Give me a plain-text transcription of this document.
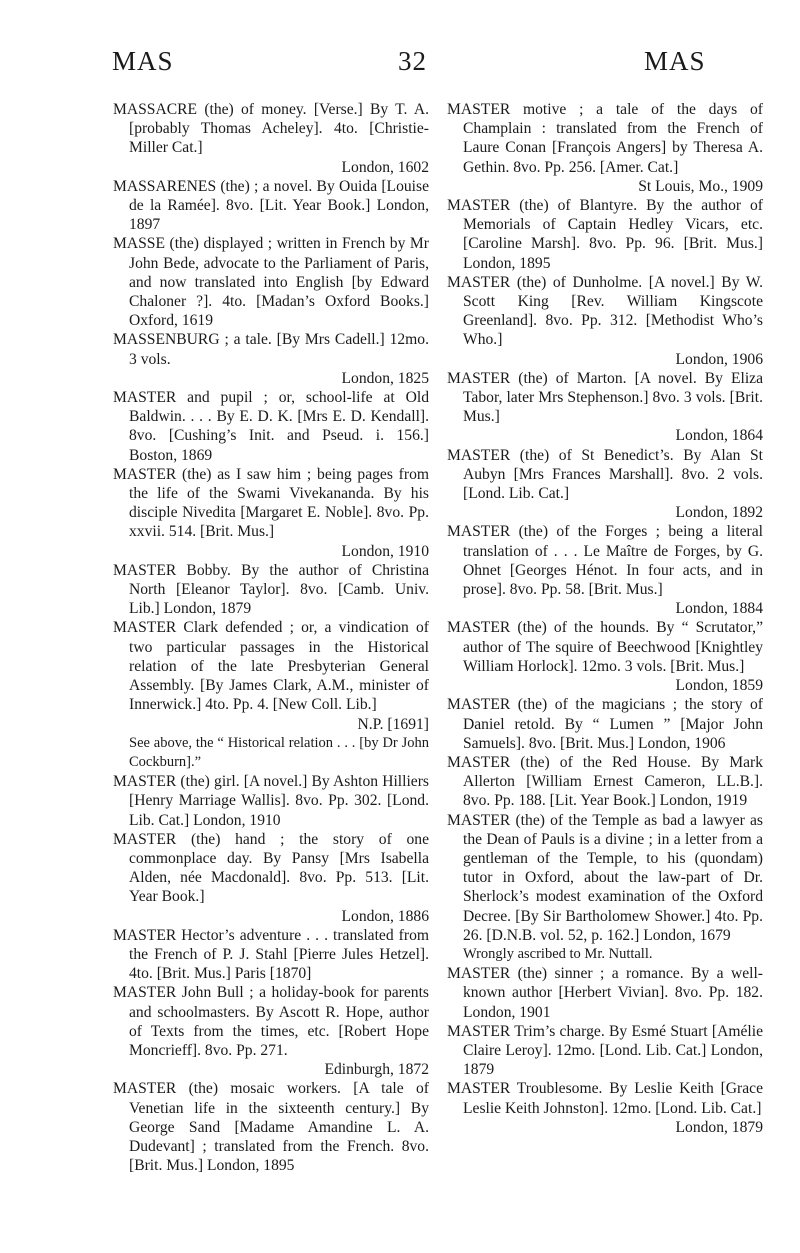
MAS	32	MAS

MASSACRE (the) of money. [Verse.] By T. A. [probably Thomas Acheley]. 4to. [Christie-Miller Cat.]

London, 1602

MASSARENES (the) ; a novel. By Ouida [Louise de la Ramée]. 8vo. [Lit. Year Book.] London, 1897

MASSE (the) displayed ; written in French by Mr John Bede, advocate to the Parliament of Paris, and now translated into English [by Edward Chaloner ?]. 4to. [Madan’s Oxford Books.] Oxford, 1619

MASSENBURG ; a tale. [By Mrs Cadell.] 12mo. 3 vols.

London, 1825

MASTER and pupil ; or, school-life at Old Baldwin. . . . By E. D. K. [Mrs E. D. Kendall]. 8vo. [Cushing’s Init. and Pseud. i. 156.] Boston, 1869

MASTER (the) as I saw him ; being pages from the life of the Swami Vivekananda. By his disciple Nivedita [Margaret E. Noble]. 8vo. Pp. xxvii. 514. [Brit. Mus.]

London, 1910

MASTER Bobby. By the author of Christina North [Eleanor Taylor]. 8vo. [Camb. Univ. Lib.] London, 1879

MASTER Clark defended ; or, a vindication of two particular passages in the Historical relation of the late Presbyterian General Assembly. [By James Clark, A.M., minister of Innerwick.] 4to. Pp. 4. [New Coll. Lib.]

N.P. [1691]

See above, the “ Historical relation . . . [by Dr John Cockburn].”

MASTER (the) girl. [A novel.] By Ashton Hilliers [Henry Marriage Wallis]. 8vo. Pp. 302. [Lond. Lib. Cat.] London, 1910

MASTER (the) hand ; the story of one commonplace day. By Pansy [Mrs Isabella Alden, née Macdonald]. 8vo. Pp. 513. [Lit. Year Book.]

London, 1886

MASTER Hector’s adventure . . . translated from the French of P. J. Stahl [Pierre Jules Hetzel]. 4to. [Brit. Mus.] Paris [1870]

MASTER John Bull ; a holiday-book for parents and schoolmasters. By Ascott R. Hope, author of Texts from the times, etc. [Robert Hope Moncrieff]. 8vo. Pp. 271.

Edinburgh, 1872

MASTER (the) mosaic workers. [A tale of Venetian life in the sixteenth century.] By George Sand [Madame Amandine L. A. Dudevant] ; translated from the French. 8vo. [Brit. Mus.] London, 1895

MASTER motive ; a tale of the days of Champlain : translated from the French of Laure Conan [François Angers] by Theresa A. Gethin. 8vo. Pp. 256. [Amer. Cat.]

St Louis, Mo., 1909

MASTER (the) of Blantyre. By the author of Memorials of Captain Hedley Vicars, etc. [Caroline Marsh]. 8vo. Pp. 96. [Brit. Mus.] London, 1895

MASTER (the) of Dunholme. [A novel.] By W. Scott King [Rev. William Kingscote Greenland]. 8vo. Pp. 312. [Methodist Who’s Who.]

London, 1906

MASTER (the) of Marton. [A novel. By Eliza Tabor, later Mrs Stephenson.] 8vo. 3 vols. [Brit. Mus.]

London, 1864

MASTER (the) of St Benedict’s. By Alan St Aubyn [Mrs Frances Marshall]. 8vo. 2 vols. [Lond. Lib. Cat.]

London, 1892

MASTER (the) of the Forges ; being a literal translation of . . . Le Maître de Forges, by G. Ohnet [Georges Hénot. In four acts, and in prose]. 8vo. Pp. 58. [Brit. Mus.]

London, 1884

MASTER (the) of the hounds. By “ Scrutator,” author of The squire of Beechwood [Knightley William Horlock]. 12mo. 3 vols. [Brit. Mus.]

London, 1859

MASTER (the) of the magicians ; the story of Daniel retold. By “ Lumen ” [Major John Samuels]. 8vo. [Brit. Mus.] London, 1906

MASTER (the) of the Red House. By Mark Allerton [William Ernest Cameron, LL.B.]. 8vo. Pp. 188. [Lit. Year Book.] London, 1919

MASTER (the) of the Temple as bad a lawyer as the Dean of Pauls is a divine ; in a letter from a gentleman of the Temple, to his (quondam) tutor in Oxford, about the law-part of Dr. Sherlock’s modest examination of the Oxford Decree. [By Sir Bartholomew Shower.] 4to. Pp. 26. [D.N.B. vol. 52, p. 162.] London, 1679

Wrongly ascribed to Mr. Nuttall.

MASTER (the) sinner ; a romance. By a well-known author [Herbert Vivian]. 8vo. Pp. 182. London, 1901

MASTER Trim’s charge. By Esmé Stuart [Amélie Claire Leroy]. 12mo. [Lond. Lib. Cat.] London, 1879

MASTER Troublesome. By Leslie Keith [Grace Leslie Keith Johnston]. 12mo. [Lond. Lib. Cat.]

London, 1879
